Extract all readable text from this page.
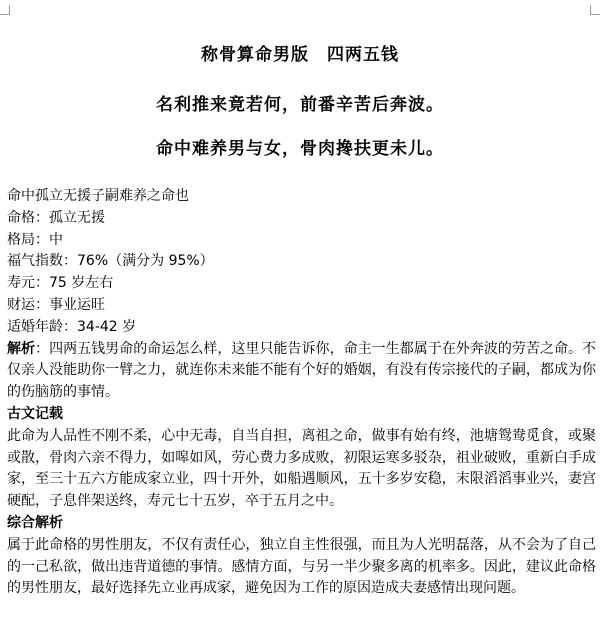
称骨算命男版　四两五钱
名利推来竟若何，前番辛苦后奔波。
命中难养男与女，骨肉搀扶更未儿。
命中孤立无援子嗣难养之命也
命格：孤立无援
格局：中
福气指数：76%（满分为 95%）
寿元：75 岁左右
财运：事业运旺
适婚年龄：34-42 岁
解析：四两五钱男命的命运怎么样，这里只能告诉你，命主一生都属于在外奔波的劳苦之命。不仅亲人没能助你一臂之力，就连你未来能不能有个好的婚姻，有没有传宗接代的子嗣，都成为你的伤脑筋的事情。
古文记载
此命为人品性不刚不柔，心中无毒，自当自担，离祖之命，做事有始有终，池塘鸳鸯觅食，或聚或散，骨肉六亲不得力，如嗥如风，劳心费力多成败，初限运寒多驳杂，祖业破败，重新白手成家，至三十五六方能成家立业，四十开外，如船遇顺风，五十多岁安稳，末限滔滔事业兴，妻宫硬配，子息伴架送终，寿元七十五岁，卒于五月之中。
综合解析
属于此命格的男性朋友，不仅有责任心，独立自主性很强，而且为人光明磊落，从不会为了自己的一己私欲，做出违背道德的事情。感情方面，与另一半少聚多离的机率多。因此，建议此命格的男性朋友，最好选择先立业再成家，避免因为工作的原因造成夫妻感情出现问题。
